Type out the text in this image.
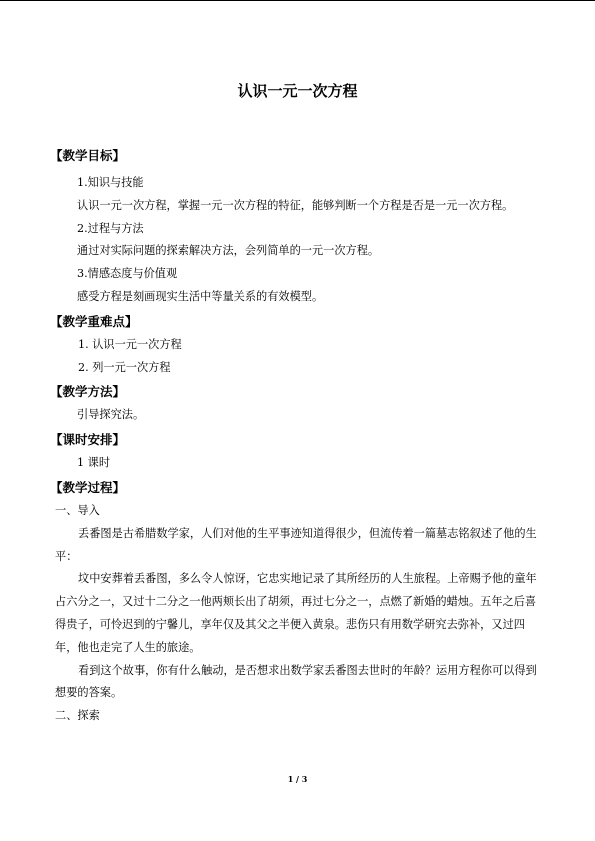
认识一元一次方程
【教学目标】

1.知识与技能

认识一元一次方程，掌握一元一次方程的特征，能够判断一个方程是否是一元一次方程。

2.过程与方法

通过对实际问题的探索解决方法，会列简单的一元一次方程。

3.情感态度与价值观

感受方程是刻画现实生活中等量关系的有效模型。

【教学重难点】

1. 认识一元一次方程

2. 列一元一次方程

【教学方法】

引导探究法。

【课时安排】

1 课时

【教学过程】

一、导入

丢番图是古希腊数学家，人们对他的生平事迹知道得很少，但流传着一篇墓志铭叙述了他的生平：

坟中安葬着丢番图，多么令人惊讶，它忠实地记录了其所经历的人生旅程。上帝赐予他的童年占六分之一，又过十二分之一他两颊长出了胡须，再过七分之一，点燃了新婚的蜡烛。五年之后喜得贵子，可怜迟到的宁馨儿，享年仅及其父之半便入黄泉。悲伤只有用数学研究去弥补，又过四年，他也走完了人生的旅途。

看到这个故事，你有什么触动，是否想求出数学家丢番图去世时的年龄？运用方程你可以得到想要的答案。

二、探索

1 / 3
